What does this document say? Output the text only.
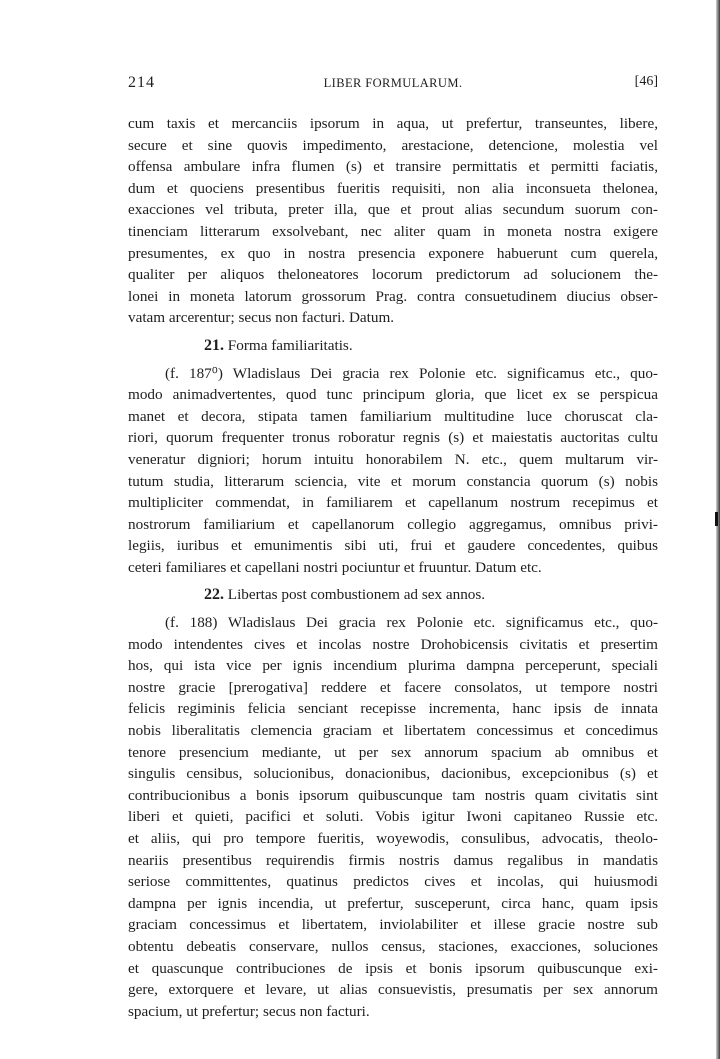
214	LIBER FORMULARUM.	[46]
cum taxis et mercanciis ipsorum in aqua, ut prefertur, transeuntes, libere,
secure et sine quovis impedimento, arestacione, detencione, molestia vel
offensa ambulare infra flumen (s) et transire permittatis et permitti faciatis,
dum et quociens presentibus fueritis requisiti, non alia inconsueta thelonea,
exacciones vel tributa, preter illa, que et prout alias secundum suorum con-
tinenciam litterarum exsolvebant, nec aliter quam in moneta nostra exigere
presumentes, ex quo in nostra presencia exponere habuerunt cum querela,
qualiter per aliquos theloneatores locorum predictorum ad solucionem the-
lonei in moneta latorum grossorum Prag. contra consuetudinem diucius obser-
vatam arcerentur; secus non facturi. Datum.
21. Forma familiaritatis.
(f. 187⁰) Wladislaus Dei gracia rex Polonie etc. significamus etc., quo-
modo animadvertentes, quod tunc principum gloria, que licet ex se perspicua
manet et decora, stipata tamen familiarium multitudine luce choruscat cla-
riori, quorum frequenter tronus roboratur regnis (s) et maiestatis auctoritas cultu
veneratur digniori; horum intuitu honorabilem N. etc., quem multarum vir-
tutum studia, litterarum sciencia, vite et morum constancia quorum (s) nobis
multipliciter commendat, in familiarem et capellanum nostrum recepimus et
nostrorum familiarium et capellanorum collegio aggregamus, omnibus privi-
legiis, iuribus et emunimentis sibi uti, frui et gaudere concedentes, quibus
ceteri familiares et capellani nostri pociuntur et fruuntur. Datum etc.
22. Libertas post combustionem ad sex annos.
(f. 188) Wladislaus Dei gracia rex Polonie etc. significamus etc., quo-
modo intendentes cives et incolas nostre Drohobicensis civitatis et presertim
hos, qui ista vice per ignis incendium plurima dampna perceperunt, speciali
nostre gracie [prerogativa] reddere et facere consolatos, ut tempore nostri
felicis regiminis felicia senciant recepisse incrementa, hanc ipsis de innata
nobis liberalitatis clemencia graciam et libertatem concessimus et concedimus
tenore presencium mediante, ut per sex annorum spacium ab omnibus et
singulis censibus, solucionibus, donacionibus, dacionibus, excepcionibus (s) et
contribucionibus a bonis ipsorum quibuscunque tam nostris quam civitatis sint
liberi et quieti, pacifici et soluti. Vobis igitur Iwoni capitaneo Russie etc.
et aliis, qui pro tempore fueritis, woyewodis, consulibus, advocatis, theolo-
neariis presentibus requirendis firmis nostris damus regalibus in mandatis
seriose committentes, quatinus predictos cives et incolas, qui huiusmodi
dampna per ignis incendia, ut prefertur, susceperunt, circa hanc, quam ipsis
graciam concessimus et libertatem, inviolabiliter et illese gracie nostre sub
obtentu debeatis conservare, nullos census, staciones, exacciones, soluciones
et quascunque contribuciones de ipsis et bonis ipsorum quibuscunque exi-
gere, extorquere et levare, ut alias consuevistis, presumatis per sex annorum
spacium, ut prefertur; secus non facturi.
